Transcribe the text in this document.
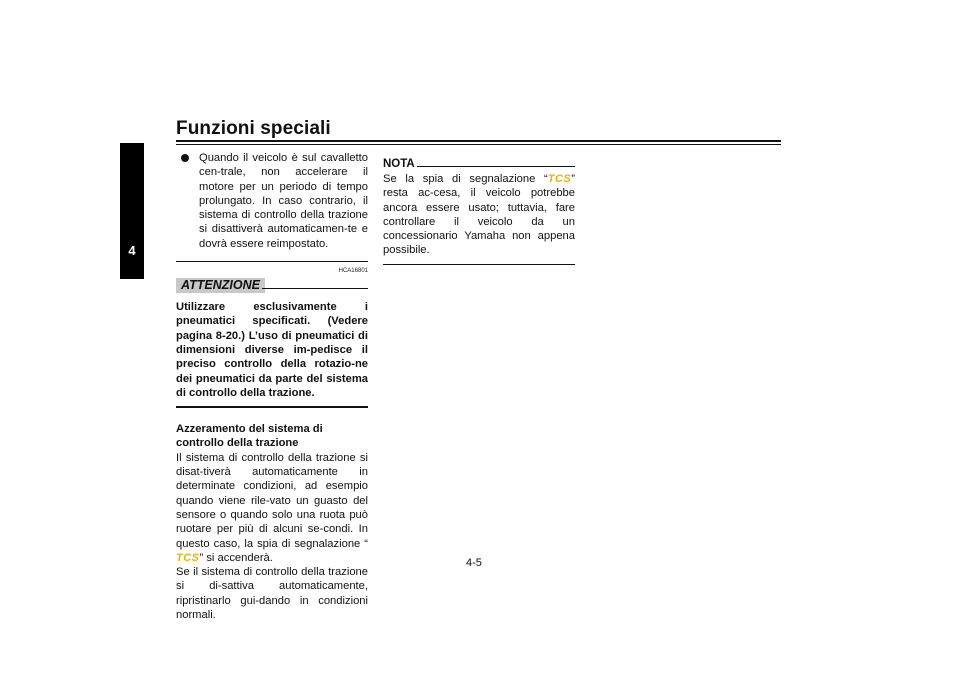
Funzioni speciali
4

Quando il veicolo è sul cavalletto cen-trale, non accelerare il motore per un periodo di tempo prolungato. In caso contrario, il sistema di controllo della trazione si disattiverà automaticamen-te e dovrà essere reimpostato.

HCA16801
ATTENZIONE

Utilizzare esclusivamente i pneumatici specificati. (Vedere pagina 8-20.) L’uso di pneumatici di dimensioni diverse im-pedisce il preciso controllo della rotazio-ne dei pneumatici da parte del sistema di controllo della trazione.

Azzeramento del sistema di controllo della trazione

Il sistema di controllo della trazione si disat-tiverà automaticamente in determinate condizioni, ad esempio quando viene rile-vato un guasto del sensore o quando solo una ruota può ruotare per più di alcuni se-condi. In questo caso, la spia di segnalazione “TCS” si accenderà.

Se il sistema di controllo della trazione si di-sattiva automaticamente, ripristinarlo gui-dando in condizioni normali.

NOTA

Se la spia di segnalazione “TCS” resta ac-cesa, il veicolo potrebbe ancora essere usato; tuttavia, fare controllare il veicolo da un concessionario Yamaha non appena possibile.

4-5
